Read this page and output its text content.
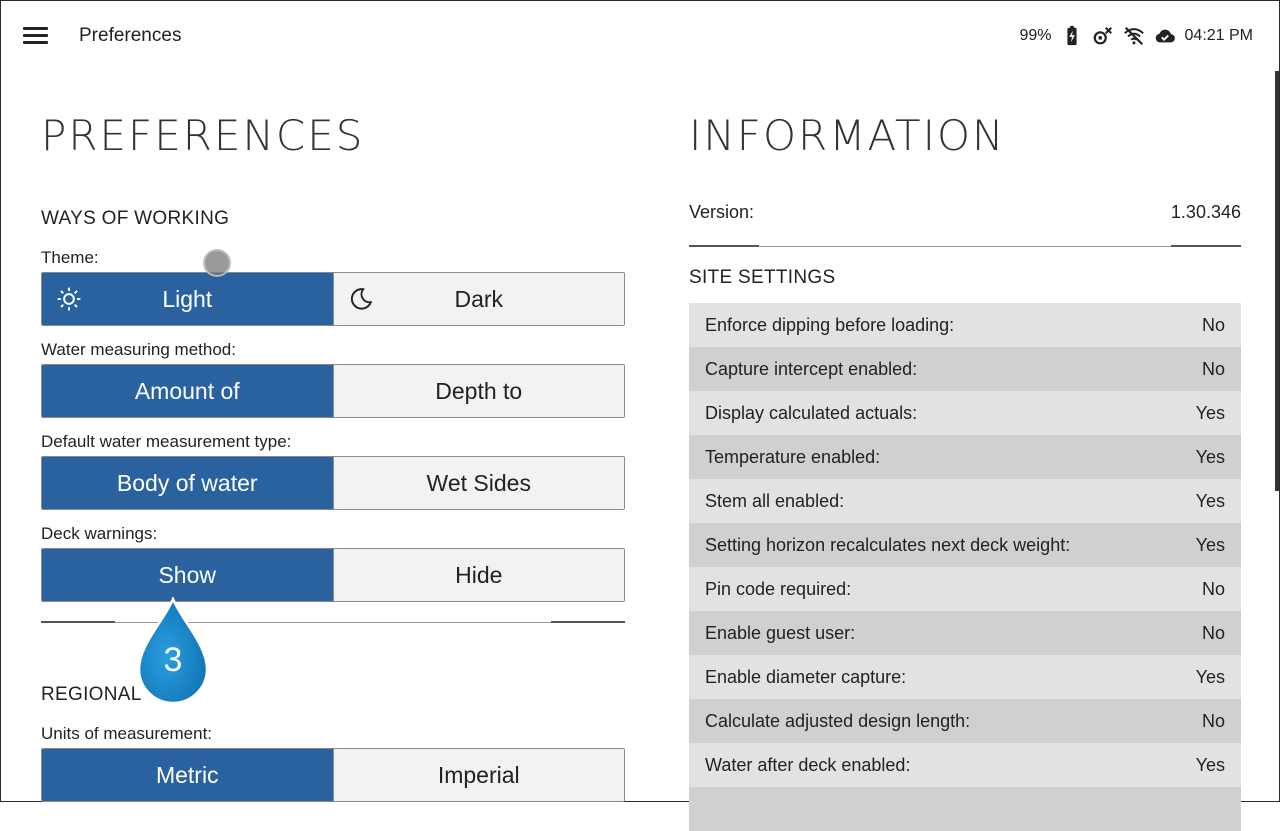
Preferences	99%	04:21 PM
PREFERENCES
WAYS OF WORKING
Theme:
Light	Dark
Water measuring method:
Amount of	Depth to
Default water measurement type:
Body of water	Wet Sides
Deck warnings:
Show	Hide
REGIONAL
Units of measurement:
Metric	Imperial
INFORMATION
Version:	1.30.346
SITE SETTINGS
Enforce dipping before loading:	No
Capture intercept enabled:	No
Display calculated actuals:	Yes
Temperature enabled:	Yes
Stem all enabled:	Yes
Setting horizon recalculates next deck weight:	Yes
Pin code required:	No
Enable guest user:	No
Enable diameter capture:	Yes
Calculate adjusted design length:	No
Water after deck enabled:	Yes
3
